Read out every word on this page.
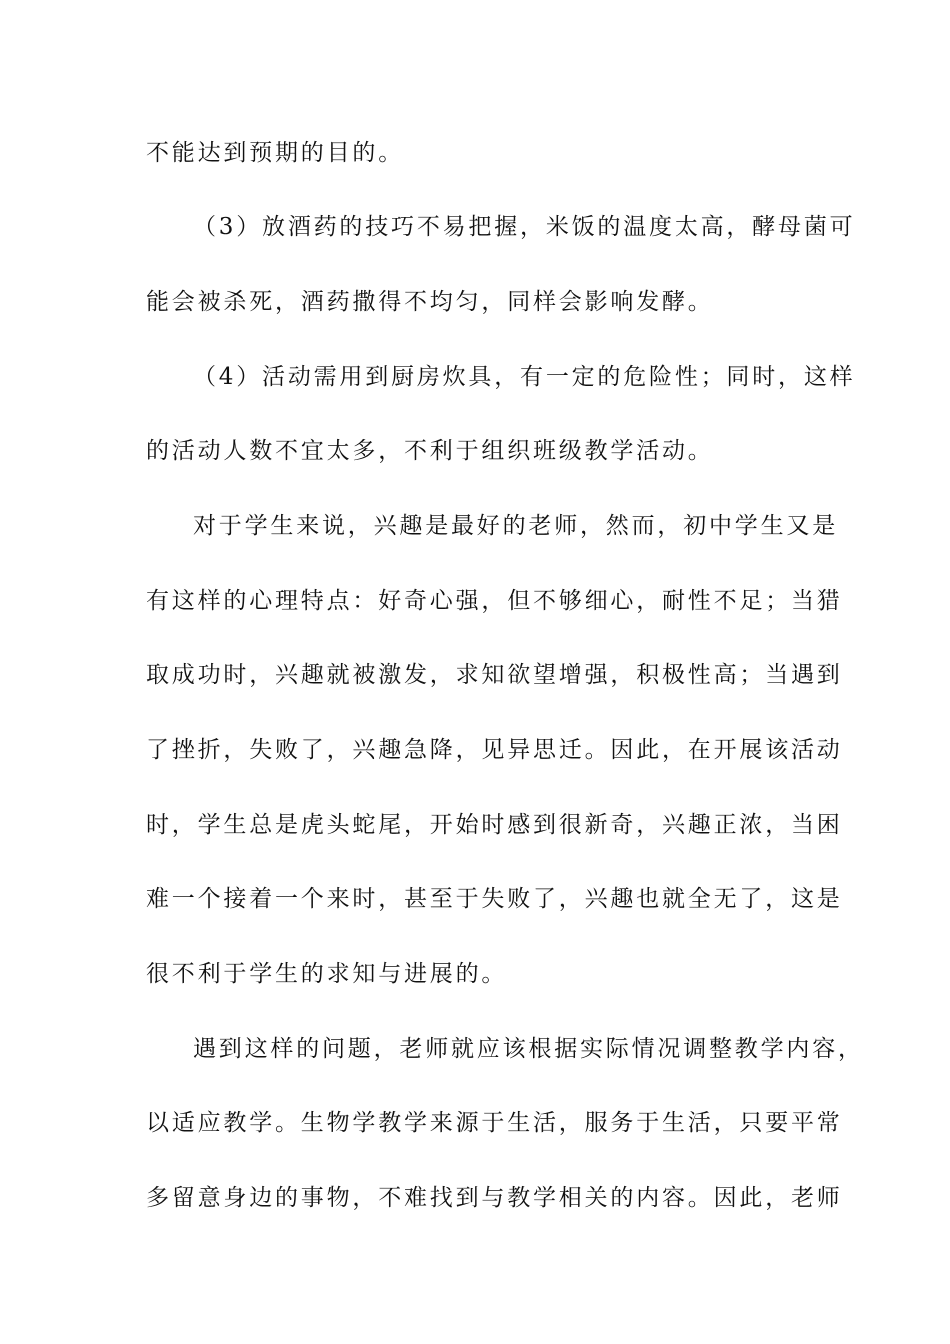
不能达到预期的目的。
（3）放酒药的技巧不易把握，米饭的温度太高，酵母菌可
能会被杀死，酒药撒得不均匀，同样会影响发酵。
（4）活动需用到厨房炊具，有一定的危险性；同时，这样
的活动人数不宜太多，不利于组织班级教学活动。
对于学生来说，兴趣是最好的老师，然而，初中学生又是
有这样的心理特点：好奇心强，但不够细心，耐性不足；当猎
取成功时，兴趣就被激发，求知欲望增强，积极性高；当遇到
了挫折，失败了，兴趣急降，见异思迁。因此，在开展该活动
时，学生总是虎头蛇尾，开始时感到很新奇，兴趣正浓，当困
难一个接着一个来时，甚至于失败了，兴趣也就全无了，这是
很不利于学生的求知与进展的。
遇到这样的问题，老师就应该根据实际情况调整教学内容，
以适应教学。生物学教学来源于生活，服务于生活，只要平常
多留意身边的事物，不难找到与教学相关的内容。因此，老师
